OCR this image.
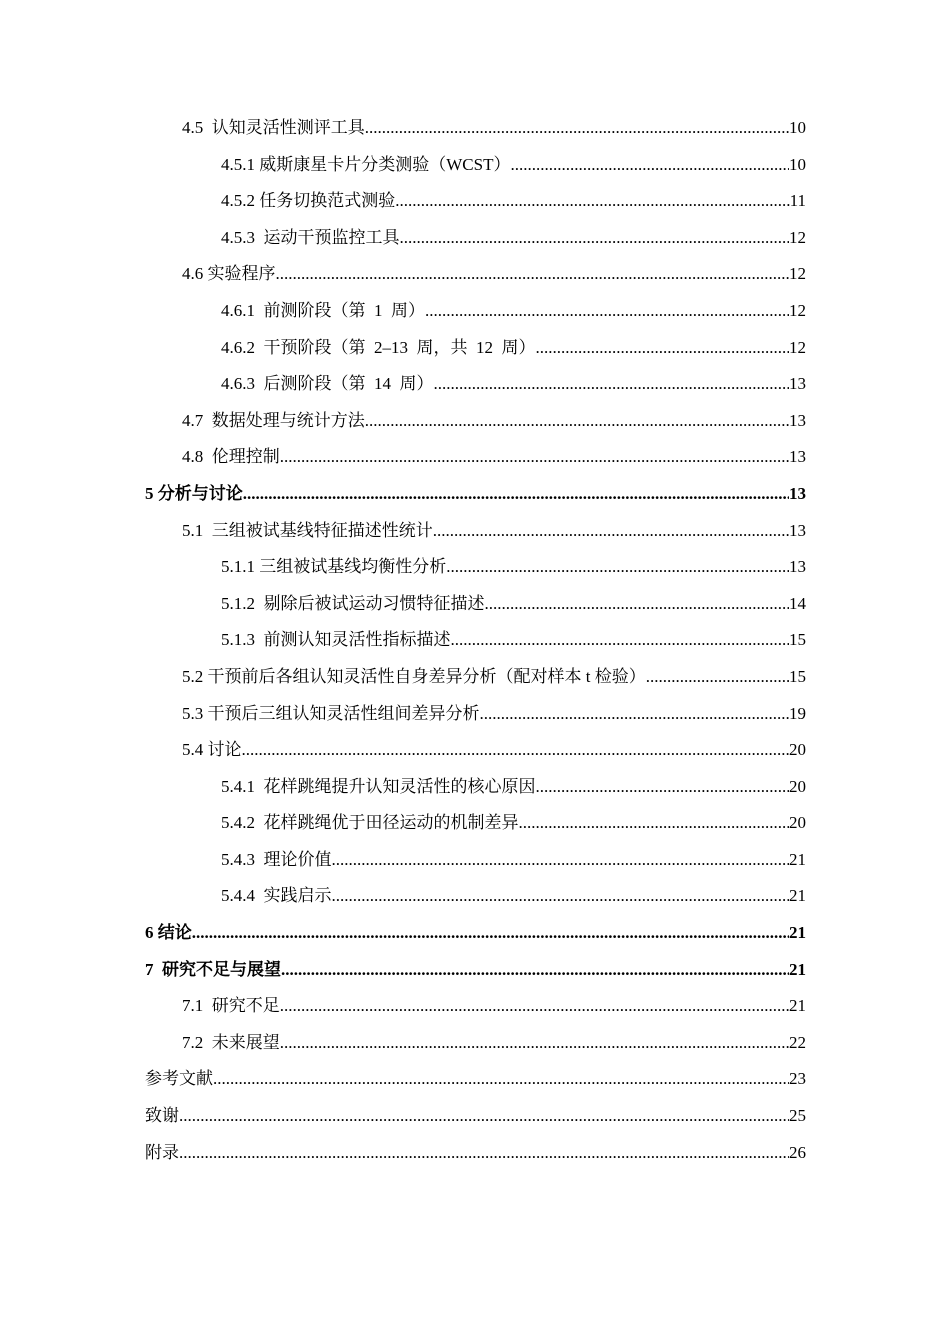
4.5  认知灵活性测评工具 .....	10
4.5.1 威斯康星卡片分类测验（WCST） .....	10
4.5.2 任务切换范式测验 .....	11
4.5.3  运动干预监控工具 .....	12
4.6 实验程序 .....	12
4.6.1  前测阶段（第  1  周） .....	12
4.6.2  干预阶段（第  2–13  周，共  12  周） .....	12
4.6.3  后测阶段（第  14  周） .....	13
4.7  数据处理与统计方法 .....	13
4.8  伦理控制 .....	13
5 分析与讨论 .....	13
5.1  三组被试基线特征描述性统计 .....	13
5.1.1 三组被试基线均衡性分析 .....	13
5.1.2  剔除后被试运动习惯特征描述 .....	14
5.1.3  前测认知灵活性指标描述 .....	15
5.2 干预前后各组认知灵活性自身差异分析（配对样本 t 检验） .....	15
5.3 干预后三组认知灵活性组间差异分析 .....	19
5.4 讨论 .....	20
5.4.1  花样跳绳提升认知灵活性的核心原因 .....	20
5.4.2  花样跳绳优于田径运动的机制差异 .....	20
5.4.3  理论价值 .....	21
5.4.4  实践启示 .....	21
6 结论 .....	21
7  研究不足与展望 .....	21
7.1  研究不足 .....	21
7.2  未来展望 .....	22
参考文献 .....	23
致谢 .....	25
附录 .....	26
